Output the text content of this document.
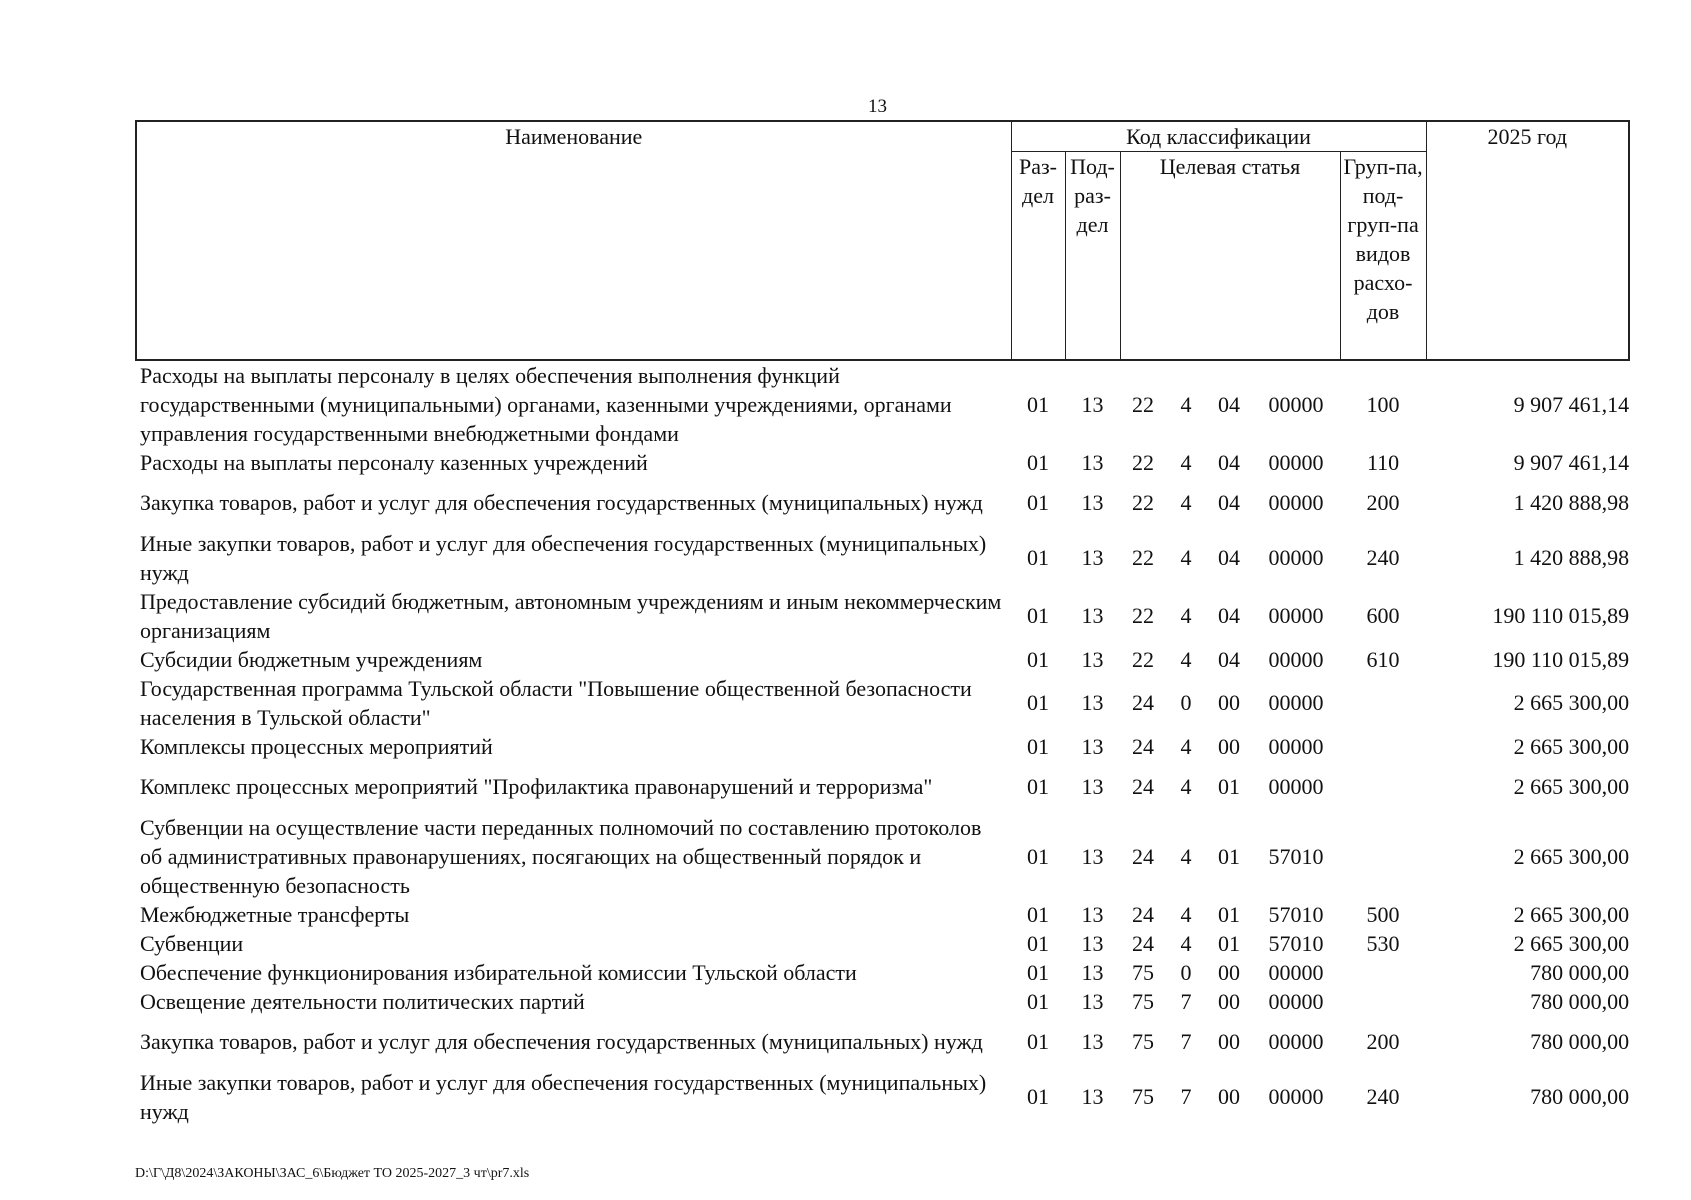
13
Наименование	Код классификации							2025 год
	Раз-дел	Под-раз-дел	Целевая статья				Груп-па, под-груп-па видов расхо-дов	
Расходы на выплаты персоналу в целях обеспечения выполнения функций государственными (муниципальными) органами, казенными учреждениями, органами управления государственными внебюджетными фондами	01	13	22	4	04	00000	100	9 907 461,14
Расходы на выплаты персоналу казенных учреждений	01	13	22	4	04	00000	110	9 907 461,14
Закупка товаров, работ и услуг для обеспечения государственных (муниципальных) нужд	01	13	22	4	04	00000	200	1 420 888,98
Иные закупки товаров, работ и услуг для обеспечения государственных (муниципальных) нужд	01	13	22	4	04	00000	240	1 420 888,98
Предоставление субсидий бюджетным, автономным учреждениям и иным некоммерческим организациям	01	13	22	4	04	00000	600	190 110 015,89
Субсидии бюджетным учреждениям	01	13	22	4	04	00000	610	190 110 015,89
Государственная программа Тульской области "Повышение общественной безопасности населения в Тульской области"	01	13	24	0	00	00000		2 665 300,00
Комплексы процессных мероприятий	01	13	24	4	00	00000		2 665 300,00
Комплекс процессных мероприятий "Профилактика правонарушений и терроризма"	01	13	24	4	01	00000		2 665 300,00
Субвенции на осуществление части переданных полномочий по составлению протоколов об административных правонарушениях, посягающих на общественный порядок и общественную безопасность	01	13	24	4	01	57010		2 665 300,00
Межбюджетные трансферты	01	13	24	4	01	57010	500	2 665 300,00
Субвенции	01	13	24	4	01	57010	530	2 665 300,00
Обеспечение функционирования избирательной комиссии Тульской области	01	13	75	0	00	00000		780 000,00
Освещение деятельности политических партий	01	13	75	7	00	00000		780 000,00
Закупка товаров, работ и услуг для обеспечения государственных (муниципальных) нужд	01	13	75	7	00	00000	200	780 000,00
Иные закупки товаров, работ и услуг для обеспечения государственных (муниципальных) нужд	01	13	75	7	00	00000	240	780 000,00
D:\Г\Д8\2024\ЗАКОНЫ\ЗАС_6\Бюджет ТО 2025-2027_3 чт\pr7.xls
